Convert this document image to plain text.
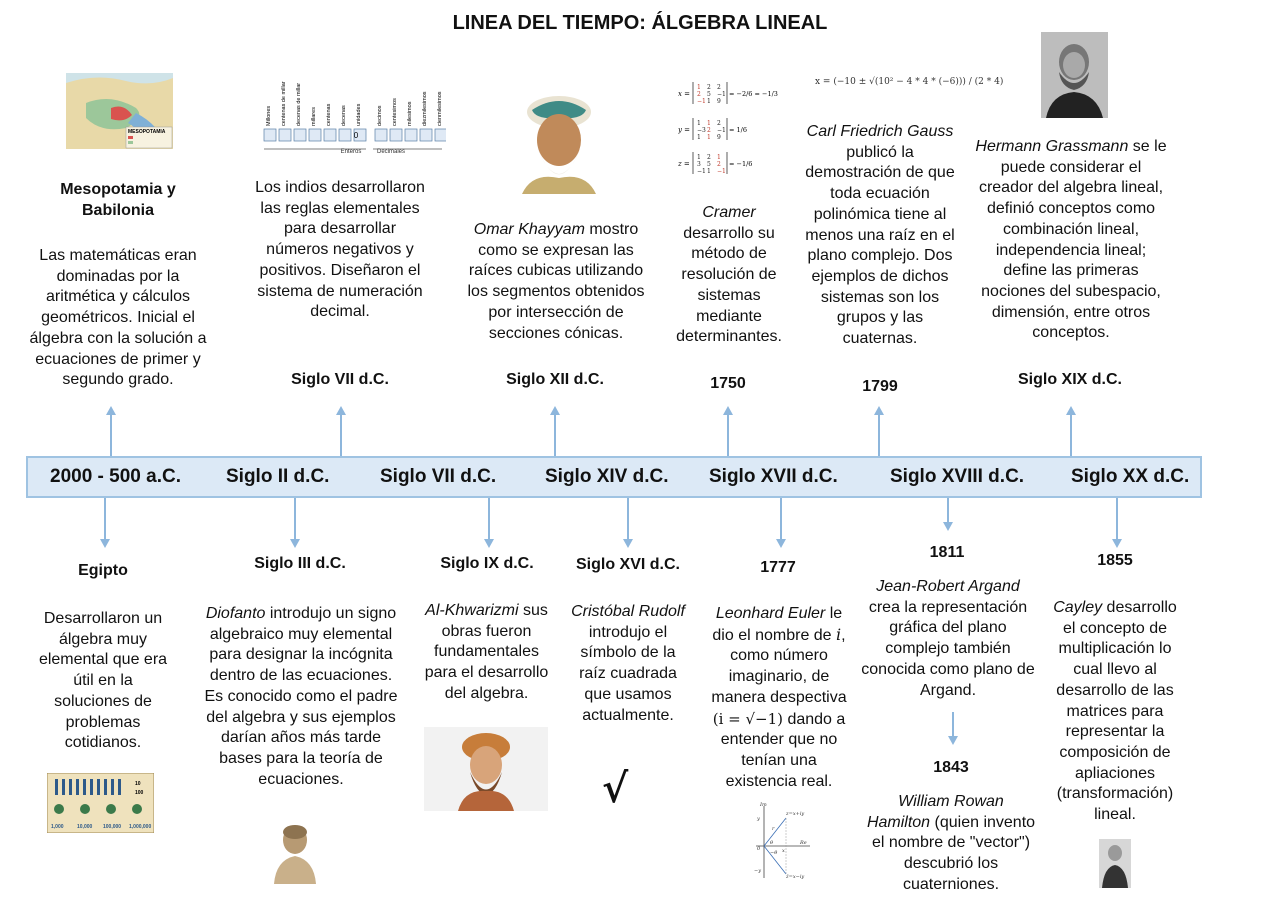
LINEA DEL TIEMPO: ÁLGEBRA LINEAL
MESOPOTAMIA
Millones centenas de millar decenas de millar millares centenas decenas unidades	decimos centesimos milesimos diezmilesimos cienmilesimos
0
Enteros	Decimales
x =
1 2 2
2 5 −1
−1 1 9
= −2/6 = −1/3
y =
1 1 2
−3 2 −1
1 1 9
= 1/6
z =
1 2 1
3 5 2
−1 1 −1
= −1/6
x = (−10 ± √(10² − 4 * 4 * (−6))) / (2 * 4)
10
100
1,000	10,000 100,000 1,000,000
√	Im
Re
z=x+iy
z̄=x−iy
y
x
r
θ
−θ
0
−y
2000 - 500 a.C. Siglo II d.C.	Siglo VII d.C.	Siglo XIV d.C. Siglo XVII d.C.	Siglo XVIII d.C. Siglo XX d.C.
Mesopotamia y Babilonia
Las matemáticas eran dominadas por la aritmética y cálculos geométricos. Inicial el álgebra con la solución a ecuaciones de primer y segundo grado.
Los indios desarrollaron las reglas elementales para desarrollar números negativos y positivos. Diseñaron el sistema de numeración decimal.
Siglo VII d.C.
Omar Khayyam mostro como se expresan las raíces cubicas utilizando los segmentos obtenidos por intersección de secciones cónicas.
Siglo XII d.C.
Cramer
desarrollo su método de resolución de sistemas mediante determinantes.
1750
Carl Friedrich Gauss publicó la demostración de que toda ecuación polinómica tiene al menos una raíz en el plano complejo. Dos ejemplos de dichos sistemas son los grupos y las cuaternas.
1799
Hermann Grassmann se le puede considerar el creador del algebra lineal, definió conceptos como combinación lineal, independencia lineal; define las primeras nociones del subespacio, dimensión, entre otros conceptos.
Siglo XIX d.C.
Egipto
Desarrollaron un álgebra muy elemental que era útil en la soluciones de problemas cotidianos.
Siglo III d.C.
Diofanto introdujo un signo algebraico muy elemental para designar la incógnita dentro de las ecuaciones. Es conocido como el padre del algebra y sus ejemplos darían años más tarde bases para la teoría de ecuaciones.
Siglo IX d.C.
Al-Khwarizmi sus obras fueron fundamentales para el desarrollo del algebra.
Siglo XVI d.C.
Cristóbal Rudolf
introdujo el símbolo de la raíz cuadrada que usamos actualmente.
1777
Leonhard Euler le dio el nombre de i, como número imaginario, de manera despectiva (i = √−1) dando a entender que no tenían una existencia real.
1811
Jean-Robert Argand
crea la representación gráfica del plano complejo también conocida como plano de Argand.
1843
William Rowan Hamilton (quien invento el nombre de "vector") descubrió los cuaterniones.
1855
Cayley desarrollo el concepto de multiplicación lo cual llevo al desarrollo de las matrices para representar la composición de apliaciones (transformación) lineal.
